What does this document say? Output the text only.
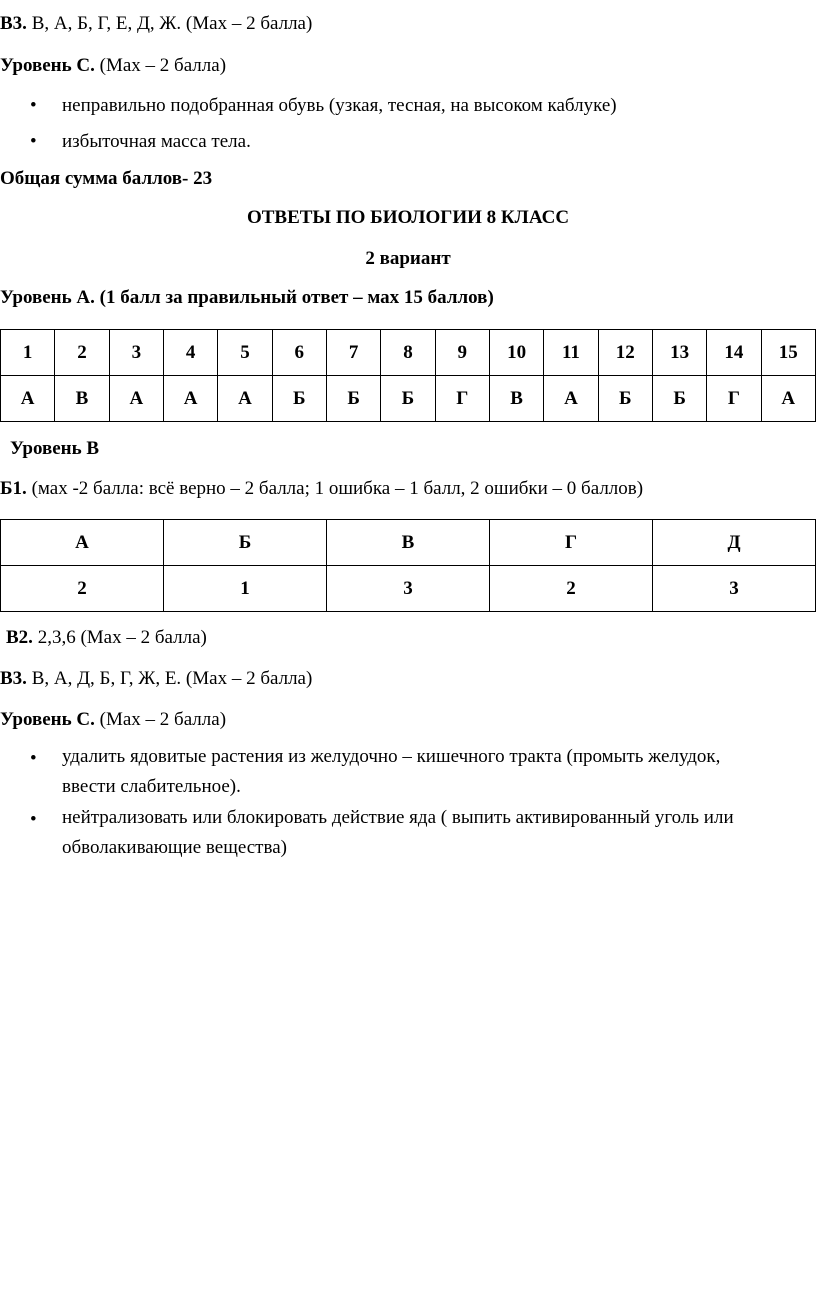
В3. В, А, Б, Г, Е, Д, Ж. (Мах – 2 балла)
Уровень С. (Мах – 2 балла)
• неправильно подобранная обувь (узкая, тесная, на высоком каблуке)
• избыточная масса тела.
Общая сумма баллов- 23
ОТВЕТЫ ПО БИОЛОГИИ 8 КЛАСС
2 вариант
Уровень А. (1 балл за правильный ответ – мах 15 баллов)
1	2	3	4	5	6	7	8	9	10	11	12	13	14	15
А	В	А	А	А	Б	Б	Б	Г	В	А	Б	Б	Г	А
Уровень В
Б1. (мах -2 балла: всё верно – 2 балла; 1 ошибка – 1 балл, 2 ошибки – 0 баллов)
А	Б	В	Г	Д
2	1	3	2	3
В2. 2,3,6 (Мах – 2 балла)
В3. В, А, Д, Б, Г, Ж, Е. (Мах – 2 балла)
Уровень С. (Мах – 2 балла)
• удалить ядовитые растения из желудочно – кишечного тракта (промыть желудок,
ввести слабительное).
• нейтрализовать или блокировать действие яда ( выпить активированный уголь или
обволакивающие вещества)
